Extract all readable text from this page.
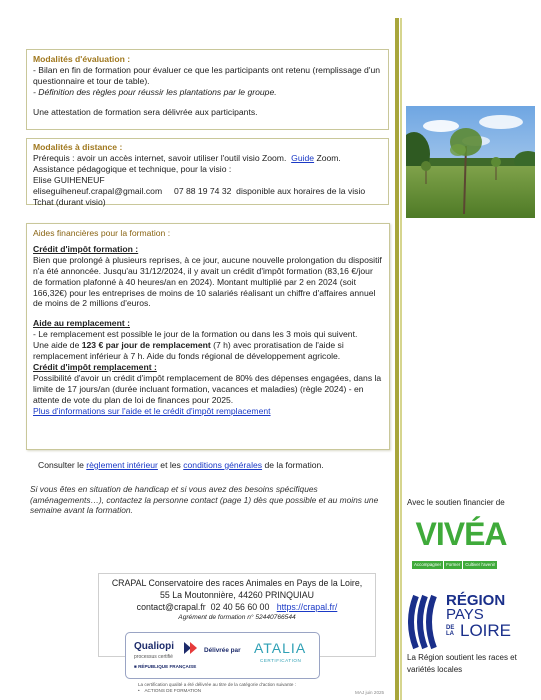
Modalités d'évaluation :

- Bilan en fin de formation pour évaluer ce que les participants ont retenu (remplissage d'un questionnaire et tour de table).

- Définition des règles pour réussir les plantations par le groupe.

Une attestation de formation sera délivrée aux participants.

Modalités à distance :

Prérequis : avoir un accès internet, savoir utiliser l'outil visio Zoom. Guide Zoom.

Assistance pédagogique et technique, pour la visio :

Elise GUIHENEUF

eliseguiheneuf.crapal@gmail.com     07 88 19 74 32  disponible aux horaires de la visio

Tchat (durant visio)

Aides financières pour la formation :

Crédit d'impôt formation :

Bien que prolongé à plusieurs reprises, à ce jour, aucune nouvelle prolongation du dispositif n'a été annoncée. Jusqu'au 31/12/2024, il y avait un crédit d'impôt formation (83,16 €/jour de formation plafonné à 40 heures/an en 2024). Montant multiplié par 2 en 2024 (soit 166,32€) pour les entreprises de moins de 10 salariés réalisant un chiffre d'affaires annuel de moins de 2 millions d'euros.

Aide au remplacement :

- Le remplacement est possible le jour de la formation ou dans les 3 mois qui suivent.

Une aide de 123 € par jour de remplacement (7 h) avec proratisation de l'aide si remplacement inférieur à 7 h. Aide du fonds régional de développement agricole.

Crédit d'impôt remplacement :

Possibilité d'avoir un crédit d'impôt remplacement de 80% des dépenses engagées, dans la limite de 17 jours/an (durée incluant formation, vacances et maladies) (règle 2024) - en attente de vote du plan de loi de finances pour 2025.

Plus d'informations sur l'aide et le crédit d'impôt remplacement

Consulter le règlement intérieur et les conditions générales de la formation.

Si vous êtes en situation de handicap et si vous avez des besoins spécifiques (aménagements…), contactez la personne contact (page 1) dès que possible et au moins une semaine avant la formation.

CRAPAL Conservatoire des races Animales en Pays de la Loire,

55 La Moutonnière, 44260 PRINQUIAU

contact@crapal.fr 02 40 56 60 00 https://crapal.fr/

Agrément de formation n° 52440766544

Qualiopi
processus certifié
■ RÉPUBLIQUE FRANÇAISE
Délivrée par ATALIA
CERTIFICATION

La certification qualité a été délivrée au titre de la catégorie d'action suivante :

•    ACTIONS DE FORMATION	MAJ juin 2025
Avec le soutien financier de
VIVÉA
Accompagner	Former	Cultiver l'avenir
RÉGION
PAYS
DE LA LOIRE
La Région soutient les races et variétés locales
